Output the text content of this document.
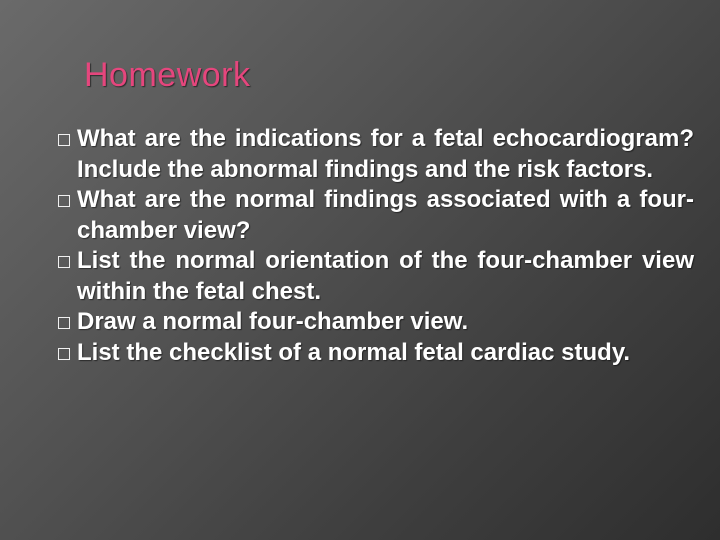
Homework
What are the indications for a fetal echocardiogram? Include the abnormal findings and the risk factors.
What are the normal findings associated with a four-chamber view?
List the normal orientation of the four-chamber view within the fetal chest.
Draw a normal four-chamber view.
List the checklist of a normal fetal cardiac study.
